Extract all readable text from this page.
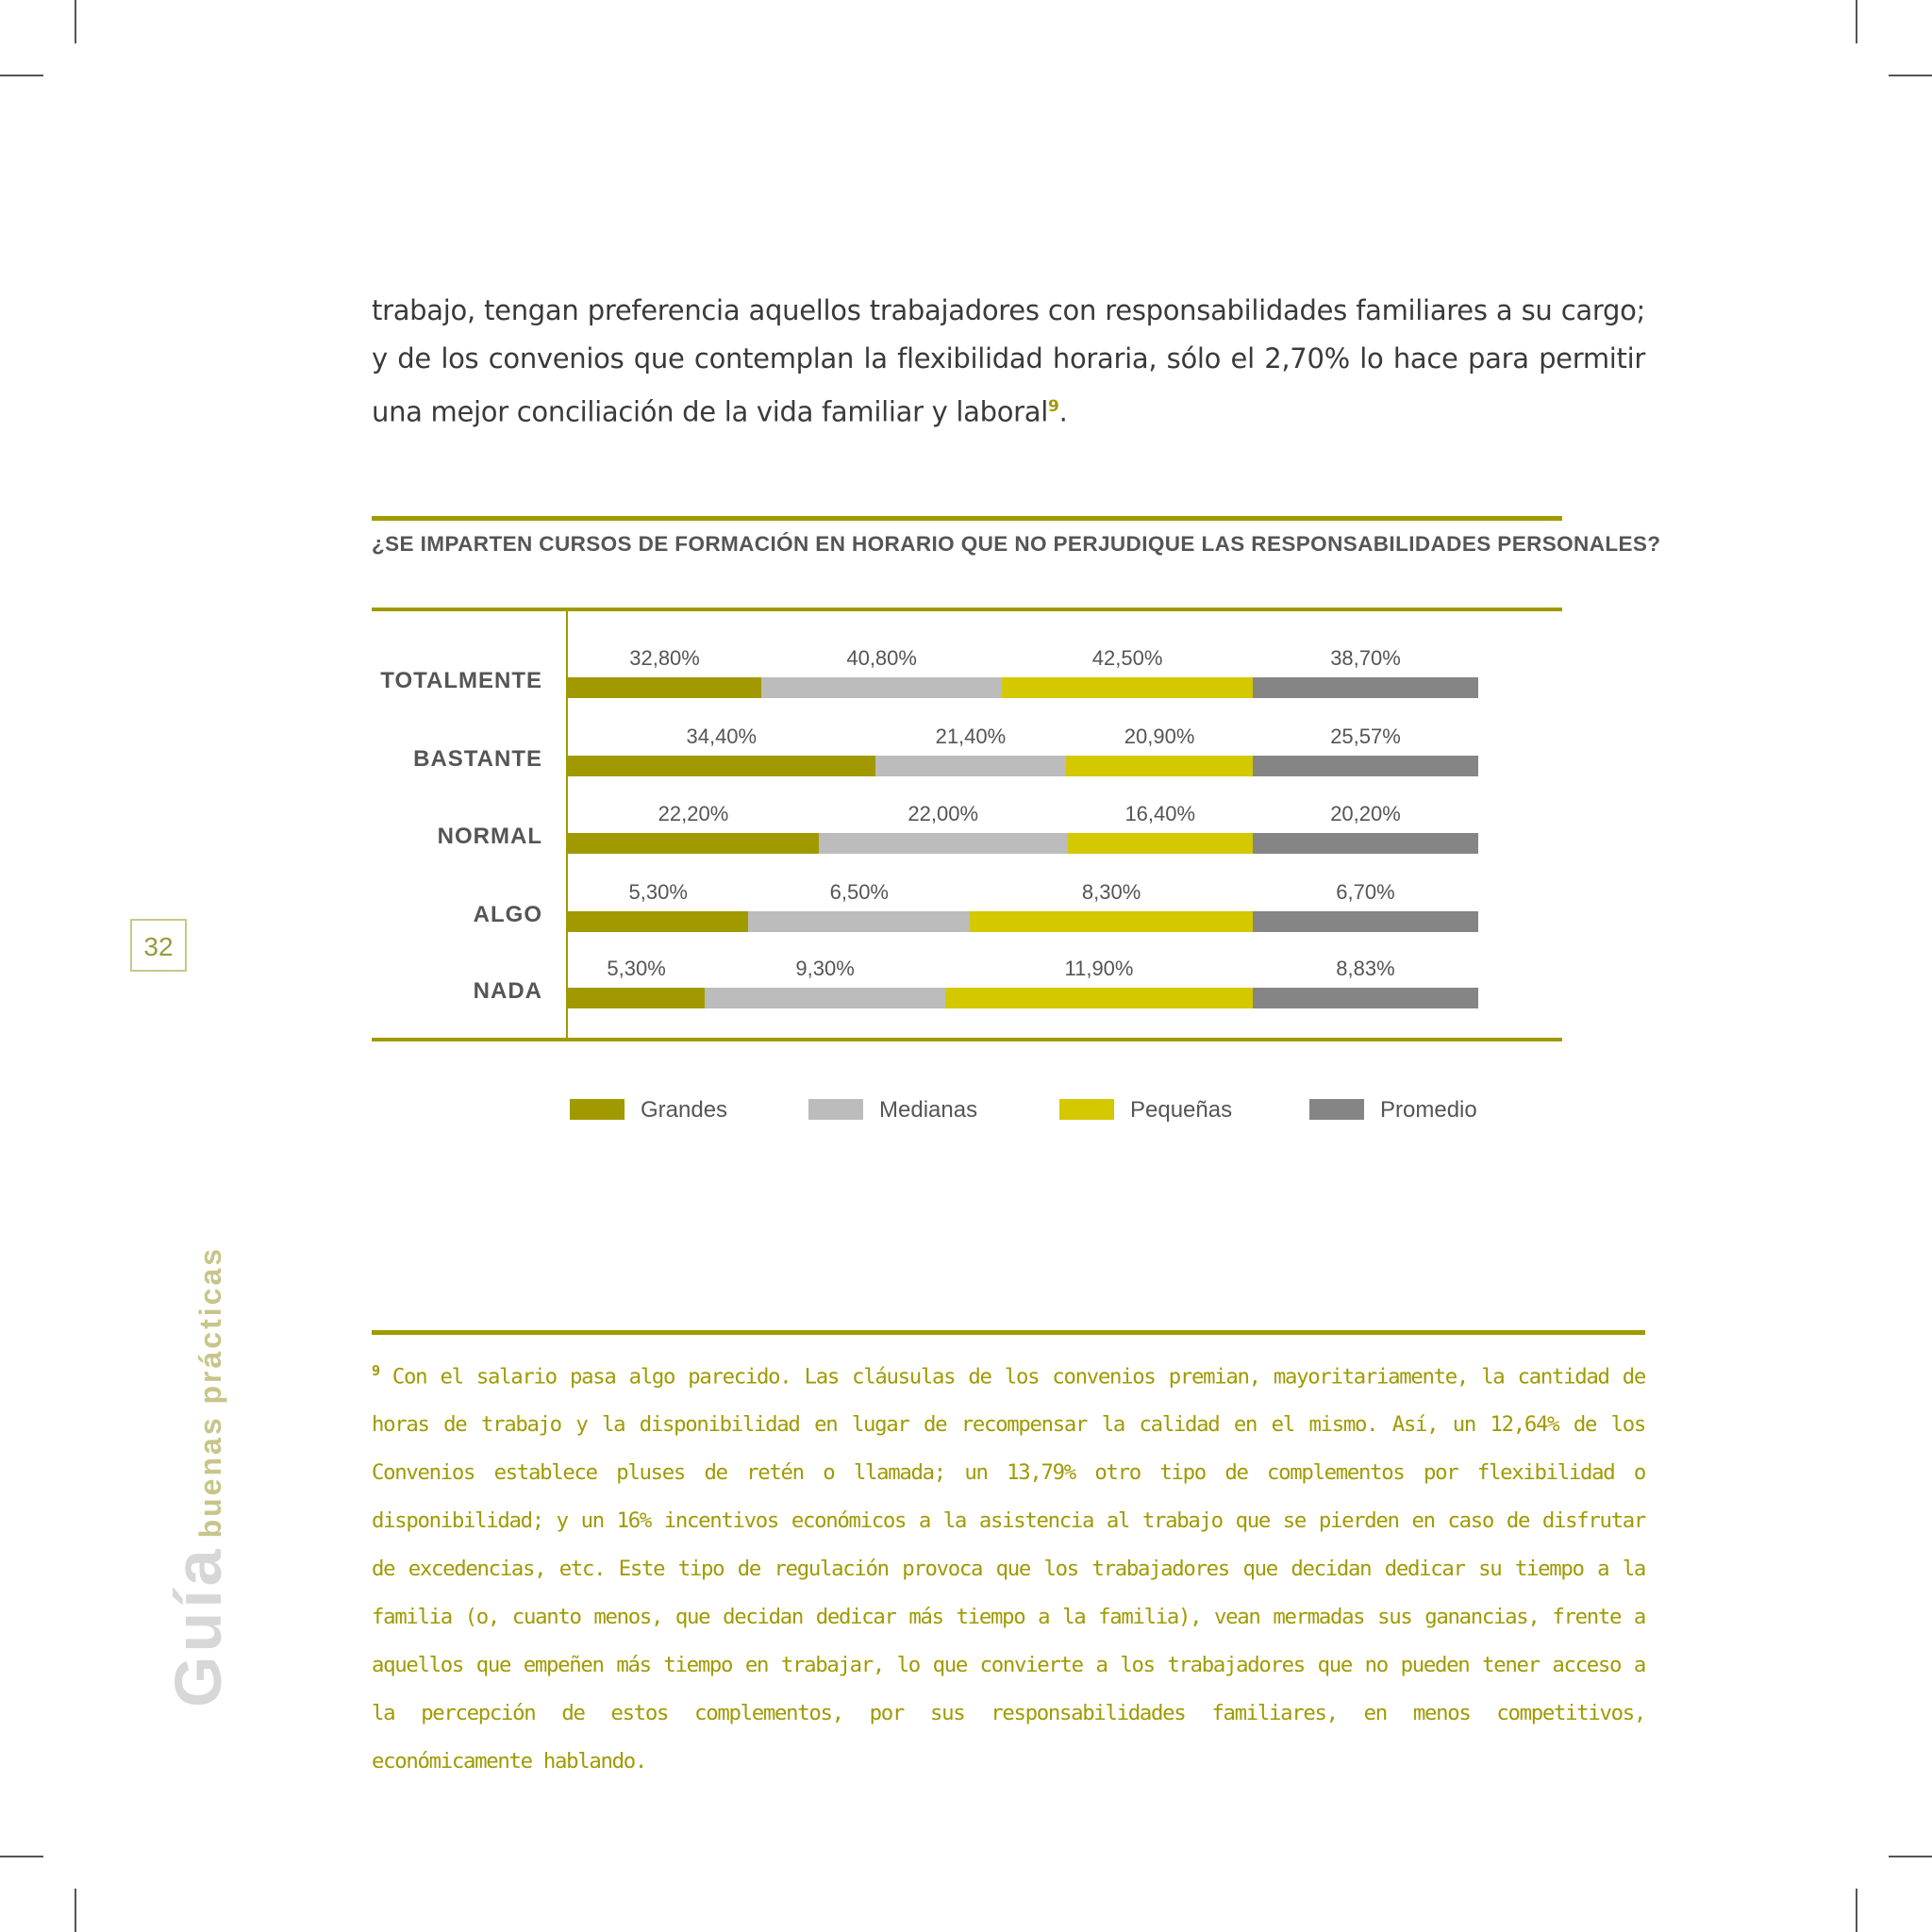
32
Guíabuenas prácticas
trabajo, tengan preferencia aquellos trabajadores con responsabilidades familiares a su cargo; y de los convenios que contemplan la flexibilidad horaria, sólo el 2,70% lo hace para permitir una mejor conciliación de la vida familiar y laboral$^9$.
¿SE IMPARTEN CURSOS DE FORMACIÓN EN HORARIO QUE NO PERJUDIQUE LAS RESPONSABILIDADES PERSONALES?
TOTALMENTE
32,80%	40,80%	42,50%	38,70%
BASTANTE
34,40%	21,40%	20,90%	25,57%
NORMAL
22,20%	22,00%	16,40%	20,20%
ALGO
5,30%	6,50%	8,30%	6,70%
NADA
5,30%	9,30%	11,90%	8,83%
Grandes	Medianas	Pequeñas	Promedio
$^9$ Con el salario pasa algo parecido. Las cláusulas de los convenios premian, mayoritariamente, la cantidad de horas de trabajo y la disponibilidad en lugar de recompensar la calidad en el mismo. Así, un 12,64% de los Convenios establece pluses de retén o llamada; un 13,79% otro tipo de complementos por flexibilidad o disponibilidad; y un 16% incentivos económicos a la asistencia al trabajo que se pierden en caso de disfrutar de excedencias, etc. Este tipo de regulación provoca que los trabajadores que decidan dedicar su tiempo a la familia (o, cuanto menos, que decidan dedicar más tiempo a la familia), vean mermadas sus ganancias, frente a aquellos que empeñen más tiempo en trabajar, lo que convierte a los trabajadores que no pueden tener acceso a la percepción de estos complementos, por sus responsabilidades familiares, en menos competitivos, económicamente hablando.
